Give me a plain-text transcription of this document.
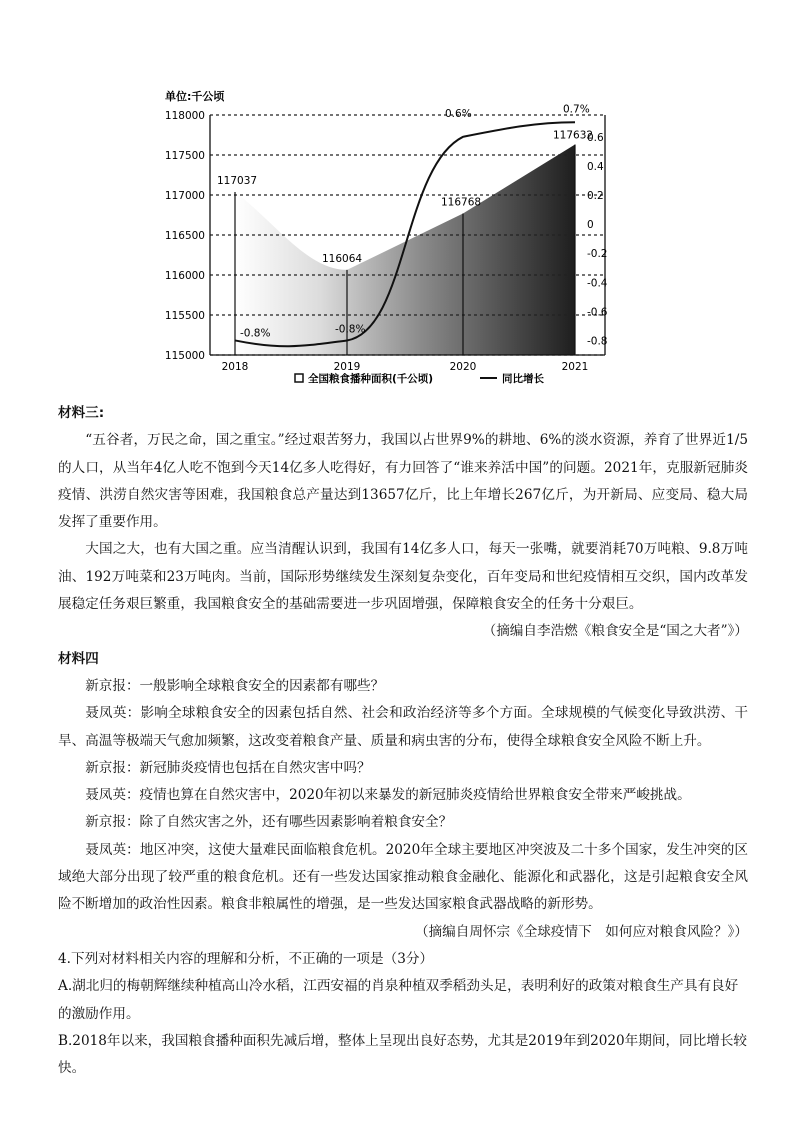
单位:千公顷
118000
117500
117000
116500
116000
115500
115000
0.6
0.4
0.2
0
-0.2
-0.4
-0.6
-0.8
2018	2019	2020	2021
117037
116064
116768
117632
-0.8%	-0.8%
0.6%	0.7%
全国粮食播种面积(千公顷)	同比增长
材料三:

“五谷者，万民之命，国之重宝。”经过艰苦努力，我国以占世界9%的耕地、6%的淡水资源，养育了世界近1/5的人口，从当年4亿人吃不饱到今天14亿多人吃得好，有力回答了“谁来养活中国”的问题。2021年，克服新冠肺炎疫情、洪涝自然灾害等困难，我国粮食总产量达到13657亿斤，比上年增长267亿斤，为开新局、应变局、稳大局发挥了重要作用。

大国之大，也有大国之重。应当清醒认识到，我国有14亿多人口，每天一张嘴，就要消耗70万吨粮、9.8万吨油、192万吨菜和23万吨肉。当前，国际形势继续发生深刻复杂变化，百年变局和世纪疫情相互交织，国内改革发展稳定任务艰巨繁重，我国粮食安全的基础需要进一步巩固增强，保障粮食安全的任务十分艰巨。

（摘编自李浩燃《粮食安全是“国之大者”》）

材料四

新京报：一般影响全球粮食安全的因素都有哪些？

聂凤英：影响全球粮食安全的因素包括自然、社会和政治经济等多个方面。全球规模的气候变化导致洪涝、干旱、高温等极端天气愈加频繁，这改变着粮食产量、质量和病虫害的分布，使得全球粮食安全风险不断上升。

新京报：新冠肺炎疫情也包括在自然灾害中吗？

聂凤英：疫情也算在自然灾害中，2020年初以来暴发的新冠肺炎疫情给世界粮食安全带来严峻挑战。

新京报：除了自然灾害之外，还有哪些因素影响着粮食安全？

聂凤英：地区冲突，这使大量难民面临粮食危机。2020年全球主要地区冲突波及二十多个国家，发生冲突的区域绝大部分出现了较严重的粮食危机。还有一些发达国家推动粮食金融化、能源化和武器化，这是引起粮食安全风险不断增加的政治性因素。粮食非粮属性的增强，是一些发达国家粮食武器战略的新形势。

（摘编自周怀宗《全球疫情下　如何应对粮食风险？》）

4.下列对材料相关内容的理解和分析，不正确的一项是（3分）

A.湖北归的梅朝辉继续种植高山冷水稻，江西安福的肖泉种植双季稻劲头足，表明利好的政策对粮食生产具有良好的激励作用。

B.2018年以来，我国粮食播种面积先减后增，整体上呈现出良好态势，尤其是2019年到2020年期间，同比增长较快。
